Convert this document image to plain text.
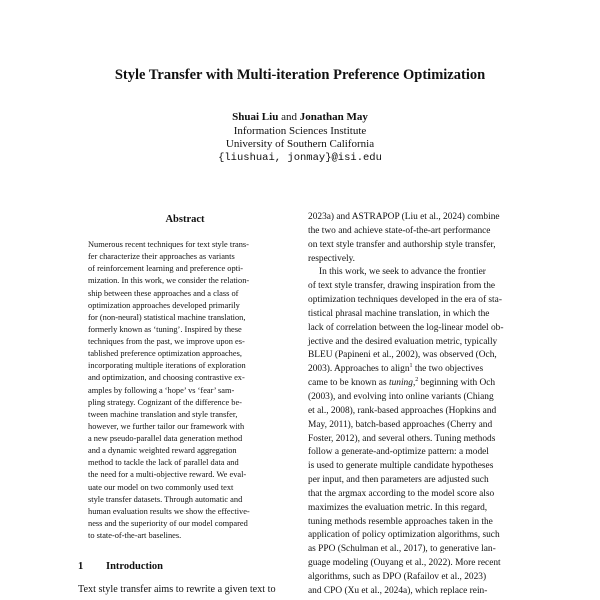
Style Transfer with Multi-iteration Preference Optimization
Shuai Liu and Jonathan May
Information Sciences Institute
University of Southern California
{liushuai, jonmay}@isi.edu
Abstract
Numerous recent techniques for text style trans-
fer characterize their approaches as variants
of reinforcement learning and preference opti-
mization. In this work, we consider the relation-
ship between these approaches and a class of
optimization approaches developed primarily
for (non-neural) statistical machine translation,
formerly known as ‘tuning’. Inspired by these
techniques from the past, we improve upon es-
tablished preference optimization approaches,
incorporating multiple iterations of exploration
and optimization, and choosing contrastive ex-
amples by following a ‘hope’ vs ‘fear’ sam-
pling strategy. Cognizant of the difference be-
tween machine translation and style transfer,
however, we further tailor our framework with
a new pseudo-parallel data generation method
and a dynamic weighted reward aggregation
method to tackle the lack of parallel data and
the need for a multi-objective reward. We eval-
uate our model on two commonly used text
style transfer datasets. Through automatic and
human evaluation results we show the effective-
ness and the superiority of our model compared
to state-of-the-art baselines.
1 Introduction
Text style transfer aims to rewrite a given text to
2023a) and ASTRAPOP (Liu et al., 2024) combine
the two and achieve state-of-the-art performance
on text style transfer and authorship style transfer,
respectively.
In this work, we seek to advance the frontier
of text style transfer, drawing inspiration from the
optimization techniques developed in the era of sta-
tistical phrasal machine translation, in which the
lack of correlation between the log-linear model ob-
jective and the desired evaluation metric, typically
BLEU (Papineni et al., 2002), was observed (Och,
2003). Approaches to align$^1$ the two objectives
came to be known as tuning,$^2$ beginning with Och
(2003), and evolving into online variants (Chiang
et al., 2008), rank-based approaches (Hopkins and
May, 2011), batch-based approaches (Cherry and
Foster, 2012), and several others. Tuning methods
follow a generate-and-optimize pattern: a model
is used to generate multiple candidate hypotheses
per input, and then parameters are adjusted such
that the argmax according to the model score also
maximizes the evaluation metric. In this regard,
tuning methods resemble approaches taken in the
application of policy optimization algorithms, such
as PPO (Schulman et al., 2017), to generative lan-
guage modeling (Ouyang et al., 2022). More recent
algorithms, such as DPO (Rafailov et al., 2023)
and CPO (Xu et al., 2024a), which replace rein-
